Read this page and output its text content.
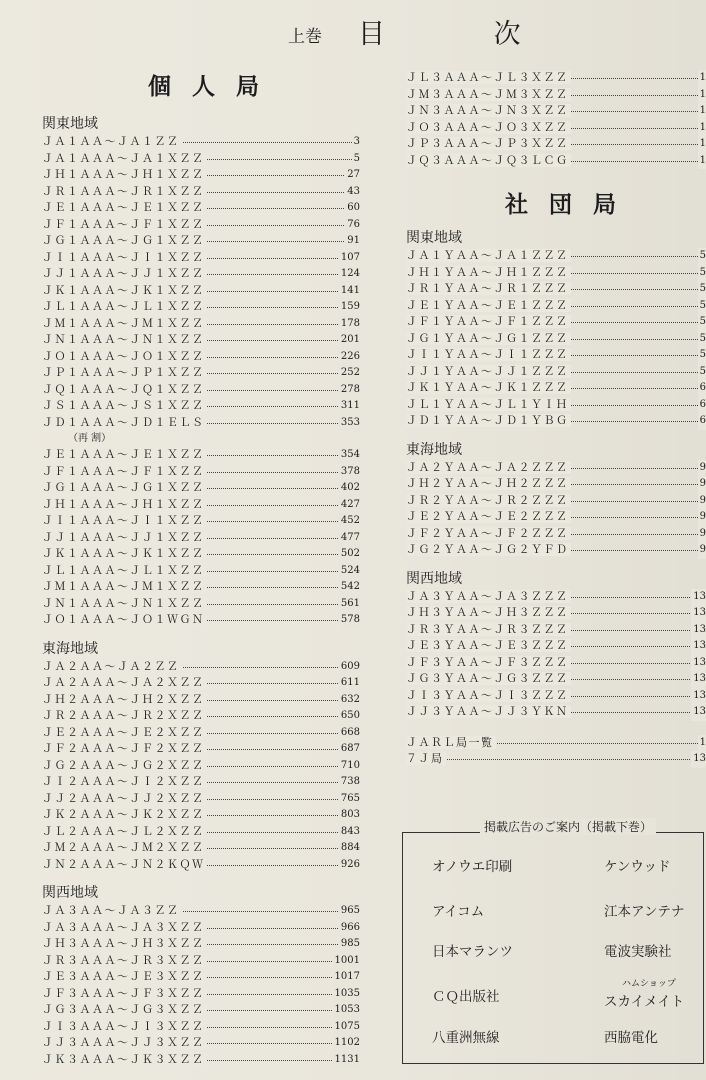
上巻 目 次
個人局
関東地域
ＪＡ１ＡＡ～ＪＡ１ＺＺ	3
ＪＡ１ＡＡＡ～ＪＡ１ＸＺＺ	5
ＪＨ１ＡＡＡ～ＪＨ１ＸＺＺ	27
ＪＲ１ＡＡＡ～ＪＲ１ＸＺＺ	43
ＪＥ１ＡＡＡ～ＪＥ１ＸＺＺ	60
ＪＦ１ＡＡＡ～ＪＦ１ＸＺＺ	76
ＪＧ１ＡＡＡ～ＪＧ１ＸＺＺ	91
ＪＩ１ＡＡＡ～ＪＩ１ＸＺＺ	107
ＪＪ１ＡＡＡ～ＪＪ１ＸＺＺ	124
ＪＫ１ＡＡＡ～ＪＫ１ＸＺＺ	141
ＪＬ１ＡＡＡ～ＪＬ１ＸＺＺ	159
ＪＭ１ＡＡＡ～ＪＭ１ＸＺＺ	178
ＪＮ１ＡＡＡ～ＪＮ１ＸＺＺ	201
ＪＯ１ＡＡＡ～ＪＯ１ＸＺＺ	226
ＪＰ１ＡＡＡ～ＪＰ１ＸＺＺ	252
ＪＱ１ＡＡＡ～ＪＱ１ＸＺＺ	278
ＪＳ１ＡＡＡ～ＪＳ１ＸＺＺ	311
ＪＤ１ＡＡＡ～ＪＤ１ＥＬＳ	353
（再 割）
ＪＥ１ＡＡＡ～ＪＥ１ＸＺＺ	354
ＪＦ１ＡＡＡ～ＪＦ１ＸＺＺ	378
ＪＧ１ＡＡＡ～ＪＧ１ＸＺＺ	402
ＪＨ１ＡＡＡ～ＪＨ１ＸＺＺ	427
ＪＩ１ＡＡＡ～ＪＩ１ＸＺＺ	452
ＪＪ１ＡＡＡ～ＪＪ１ＸＺＺ	477
ＪＫ１ＡＡＡ～ＪＫ１ＸＺＺ	502
ＪＬ１ＡＡＡ～ＪＬ１ＸＺＺ	524
ＪＭ１ＡＡＡ～ＪＭ１ＸＺＺ	542
ＪＮ１ＡＡＡ～ＪＮ１ＸＺＺ	561
ＪＯ１ＡＡＡ～ＪＯ１ＷＧＮ	578
東海地域
ＪＡ２ＡＡ～ＪＡ２ＺＺ	609
ＪＡ２ＡＡＡ～ＪＡ２ＸＺＺ	611
ＪＨ２ＡＡＡ～ＪＨ２ＸＺＺ	632
ＪＲ２ＡＡＡ～ＪＲ２ＸＺＺ	650
ＪＥ２ＡＡＡ～ＪＥ２ＸＺＺ	668
ＪＦ２ＡＡＡ～ＪＦ２ＸＺＺ	687
ＪＧ２ＡＡＡ～ＪＧ２ＸＺＺ	710
ＪＩ２ＡＡＡ～ＪＩ２ＸＺＺ	738
ＪＪ２ＡＡＡ～ＪＪ２ＸＺＺ	765
ＪＫ２ＡＡＡ～ＪＫ２ＸＺＺ	803
ＪＬ２ＡＡＡ～ＪＬ２ＸＺＺ	843
ＪＭ２ＡＡＡ～ＪＭ２ＸＺＺ	884
ＪＮ２ＡＡＡ～ＪＮ２ＫＱＷ	926
関西地域
ＪＡ３ＡＡ～ＪＡ３ＺＺ	965
ＪＡ３ＡＡＡ～ＪＡ３ＸＺＺ	966
ＪＨ３ＡＡＡ～ＪＨ３ＸＺＺ	985
ＪＲ３ＡＡＡ～ＪＲ３ＸＺＺ	1001
ＪＥ３ＡＡＡ～ＪＥ３ＸＺＺ	1017
ＪＦ３ＡＡＡ～ＪＦ３ＸＺＺ	1035
ＪＧ３ＡＡＡ～ＪＧ３ＸＺＺ	1053
ＪＩ３ＡＡＡ～ＪＩ３ＸＺＺ	1075
ＪＪ３ＡＡＡ～ＪＪ３ＸＺＺ	1102
ＪＫ３ＡＡＡ～ＪＫ３ＸＺＺ	1131
ＪＬ３ＡＡＡ～ＪＬ３ＸＺＺ	1
ＪＭ３ＡＡＡ～ＪＭ３ＸＺＺ	1
ＪＮ３ＡＡＡ～ＪＮ３ＸＺＺ	1
ＪＯ３ＡＡＡ～ＪＯ３ＸＺＺ	1
ＪＰ３ＡＡＡ～ＪＰ３ＸＺＺ	1
ＪＱ３ＡＡＡ～ＪＱ３ＬＣＧ	1
社団局
関東地域
ＪＡ１ＹＡＡ～ＪＡ１ＺＺＺ	5
ＪＨ１ＹＡＡ～ＪＨ１ＺＺＺ	5
ＪＲ１ＹＡＡ～ＪＲ１ＺＺＺ	5
ＪＥ１ＹＡＡ～ＪＥ１ＺＺＺ	5
ＪＦ１ＹＡＡ～ＪＦ１ＺＺＺ	5
ＪＧ１ＹＡＡ～ＪＧ１ＺＺＺ	5
ＪＩ１ＹＡＡ～ＪＩ１ＺＺＺ	5
ＪＪ１ＹＡＡ～ＪＪ１ＺＺＺ	5
ＪＫ１ＹＡＡ～ＪＫ１ＺＺＺ	6
ＪＬ１ＹＡＡ～ＪＬ１ＹＩＨ	6
ＪＤ１ＹＡＡ～ＪＤ１ＹＢＧ	6
東海地域
ＪＡ２ＹＡＡ～ＪＡ２ＺＺＺ	9
ＪＨ２ＹＡＡ～ＪＨ２ＺＺＺ	9
ＪＲ２ＹＡＡ～ＪＲ２ＺＺＺ	9
ＪＥ２ＹＡＡ～ＪＥ２ＺＺＺ	9
ＪＦ２ＹＡＡ～ＪＦ２ＺＺＺ	9
ＪＧ２ＹＡＡ～ＪＧ２ＹＦＤ	9
関西地域
ＪＡ３ＹＡＡ～ＪＡ３ＺＺＺ	13
ＪＨ３ＹＡＡ～ＪＨ３ＺＺＺ	13
ＪＲ３ＹＡＡ～ＪＲ３ＺＺＺ	13
ＪＥ３ＹＡＡ～ＪＥ３ＺＺＺ	13
ＪＦ３ＹＡＡ～ＪＦ３ＺＺＺ	13
ＪＧ３ＹＡＡ～ＪＧ３ＺＺＺ	13
ＪＩ３ＹＡＡ～ＪＩ３ＺＺＺ	13
ＪＪ３ＹＡＡ～ＪＪ３ＹＫＮ	13
ＪＡＲＬ局一覧	1
７Ｊ局	13
掲載広告のご案内（掲載下巻）
オノウエ印刷	ケンウッド
アイコム	江本アンテナ
日本マランツ	電波実験社
ＣＱ出版社
ハムショップ
スカイメイト
八重洲無線	西脇電化
